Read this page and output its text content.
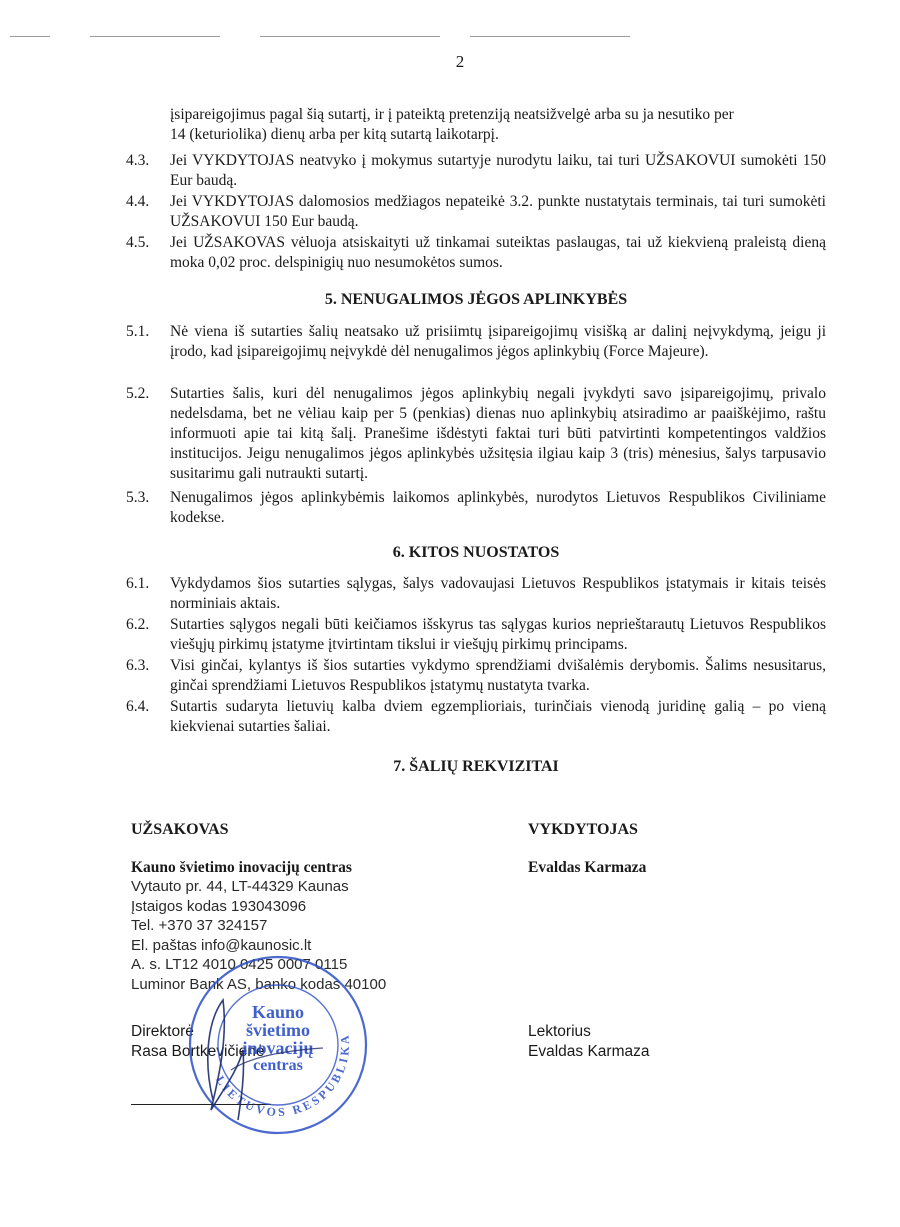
2
įsipareigojimus pagal šią sutartį, ir į pateiktą pretenziją neatsižvelgė arba su ja nesutiko per
14 (keturiolika) dienų arba per kitą sutartą laikotarpį.
4.3.	Jei VYKDYTOJAS neatvyko į mokymus sutartyje nurodytu laiku, tai turi UŽSAKOVUI sumokėti 150 Eur baudą.
4.4.	Jei VYKDYTOJAS dalomosios medžiagos nepateikė 3.2. punkte nustatytais terminais, tai turi sumokėti UŽSAKOVUI 150 Eur baudą.
4.5.	Jei UŽSAKOVAS vėluoja atsiskaityti už tinkamai suteiktas paslaugas, tai už kiekvieną praleistą dieną moka 0,02 proc. delspinigių nuo nesumokėtos sumos.
5. NENUGALIMOS JĖGOS APLINKYBĖS
5.1.	Nė viena iš sutarties šalių neatsako už prisiimtų įsipareigojimų visišką ar dalinį neįvykdymą, jeigu ji įrodo, kad įsipareigojimų neįvykdė dėl nenugalimos jėgos aplinkybių (Force Majeure).
5.2.	Sutarties šalis, kuri dėl nenugalimos jėgos aplinkybių negali įvykdyti savo įsipareigojimų, privalo nedelsdama, bet ne vėliau kaip per 5 (penkias) dienas nuo aplinkybių atsiradimo ar paaiškėjimo, raštu informuoti apie tai kitą šalį. Pranešime išdėstyti faktai turi būti patvirtinti kompetentingos valdžios institucijos. Jeigu nenugalimos jėgos aplinkybės užsitęsia ilgiau kaip 3 (tris) mėnesius, šalys tarpusavio susitarimu gali nutraukti sutartį.
5.3.	Nenugalimos jėgos aplinkybėmis laikomos aplinkybės, nurodytos Lietuvos Respublikos Civiliniame kodekse.
6. KITOS NUOSTATOS
6.1.	Vykdydamos šios sutarties sąlygas, šalys vadovaujasi Lietuvos Respublikos įstatymais ir kitais teisės norminiais aktais.
6.2.	Sutarties sąlygos negali būti keičiamos išskyrus tas sąlygas kurios neprieštarautų Lietuvos Respublikos viešųjų pirkimų įstatyme įtvirtintam tikslui ir viešųjų pirkimų principams.
6.3.	Visi ginčai, kylantys iš šios sutarties vykdymo sprendžiami dvišalėmis derybomis. Šalims nesusitarus, ginčai sprendžiami Lietuvos Respublikos įstatymų nustatyta tvarka.
6.4.	Sutartis sudaryta lietuvių kalba dviem egzemplioriais, turinčiais vienodą juridinę galią – po vieną kiekvienai sutarties šaliai.
7. ŠALIŲ REKVIZITAI
UŽSAKOVAS
Kauno švietimo inovacijų centras
Vytauto pr. 44, LT-44329 Kaunas
Įstaigos kodas 193043096
Tel. +370 37 324157
El. paštas info@kaunosic.lt
A. s. LT12 4010 0425 0007 0115
Luminor Bank AS, banko kodas 40100
VYKDYTOJAS
Evaldas Karmaza
Direktorė
Rasa Bortkevičienė
Lektorius
Evaldas Karmaza
LIETUVOS RESPUBLIKA
Kauno
švietimo
inovacijų
centras
